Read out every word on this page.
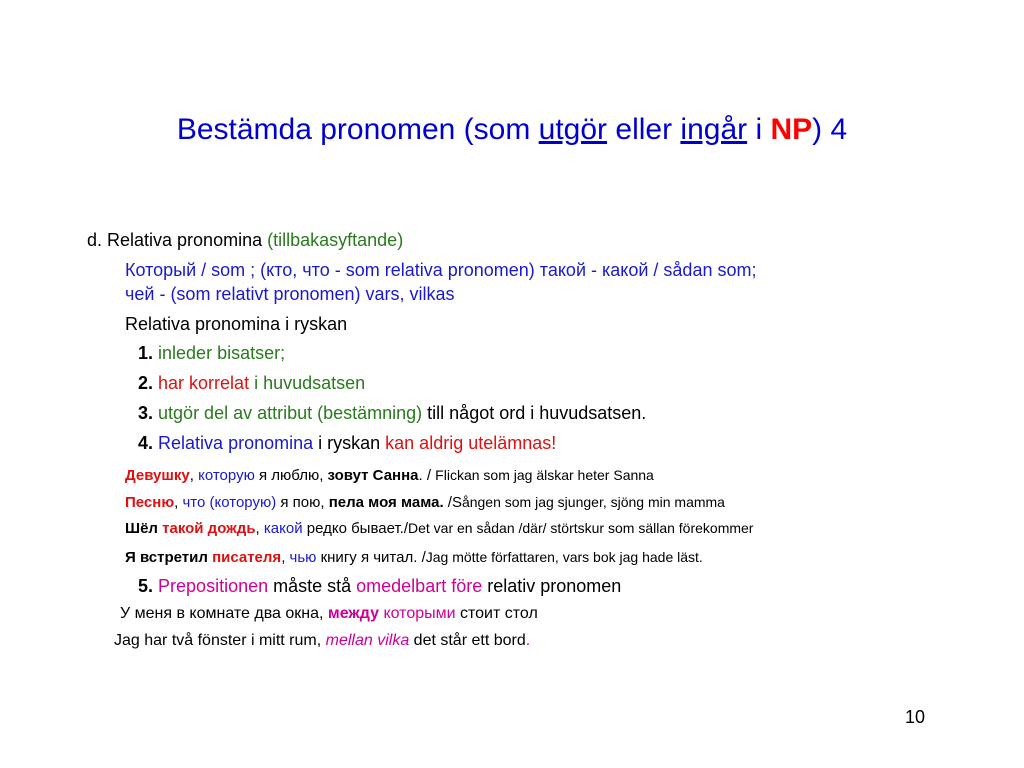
Bestämda pronomen (som utgör eller ingår i NP) 4
d. Relativa pronomina (tillbakasyftande)
Который / som ; (кто, что - som relativa pronomen) такой - какой / sådan som;
чей - (som relativt pronomen) vars, vilkas
Relativa pronomina i ryskan
1. inleder bisatser;
2. har korrelat i huvudsatsen
3. utgör del av attribut (bestämning) till något ord i huvudsatsen.
4. Relativa pronomina i ryskan kan aldrig utelämnas!
Девушку, которую я люблю, зовут Санна. / Flickan som jag älskar heter Sanna
Песню, что (которую) я пою, пела моя мама. /Sången som jag sjunger, sjöng min mamma
Шёл такой дождь, какой редко бывает./Det var en sådan /där/ störtskur som sällan förekommer
Я встретил писателя, чью книгу я читал. /Jag mötte författaren, vars bok jag hade läst.
5. Prepositionen måste stå omedelbart före relativ pronomen
У меня в комнате два окна, между которыми стоит стол
Jag har två fönster i mitt rum, mellan vilka det står ett bord.
10
